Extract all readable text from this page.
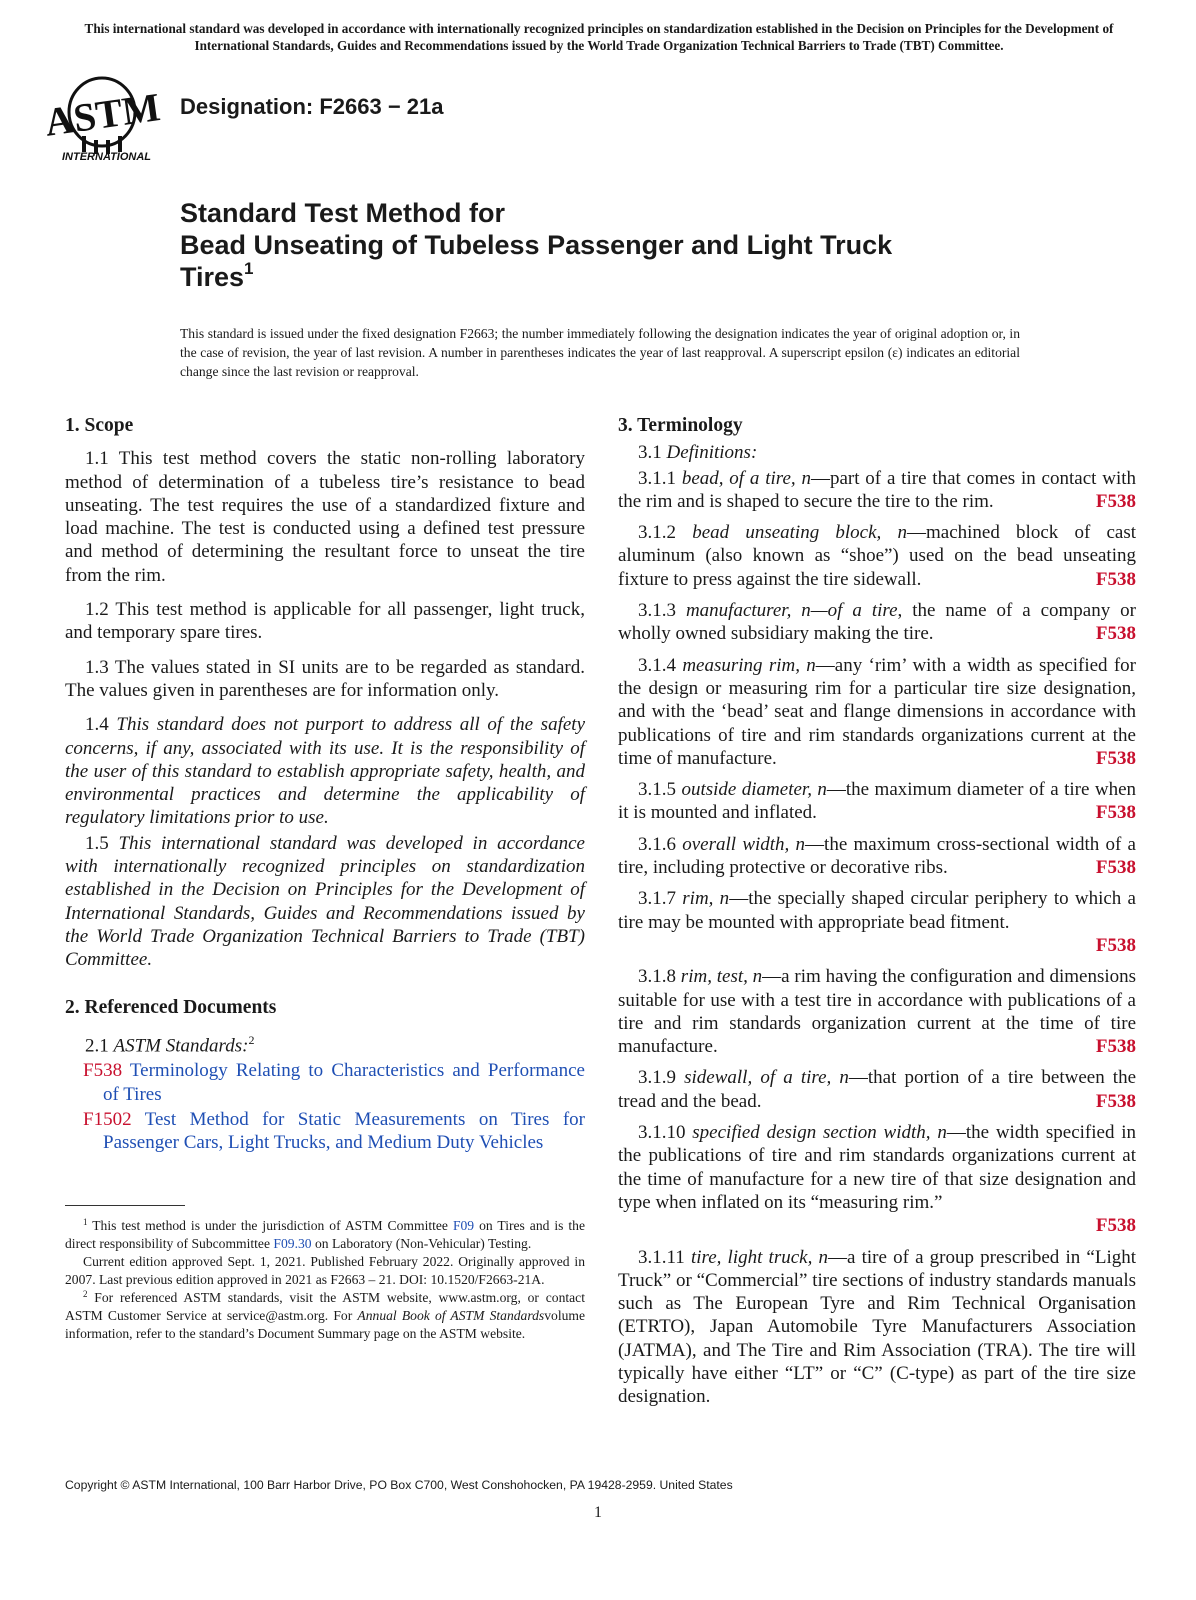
This international standard was developed in accordance with internationally recognized principles on standardization established in the Decision on Principles for the Development of International Standards, Guides and Recommendations issued by the World Trade Organization Technical Barriers to Trade (TBT) Committee.
ASTM
INTERNATIONAL
Designation: F2663 − 21a
Standard Test Method for
Bead Unseating of Tubeless Passenger and Light Truck
Tires$^1$
This standard is issued under the fixed designation F2663; the number immediately following the designation indicates the year of original adoption or, in the case of revision, the year of last revision. A number in parentheses indicates the year of last reapproval. A superscript epsilon (ε) indicates an editorial change since the last revision or reapproval.
1. Scope

1.1 This test method covers the static non-rolling laboratory method of determination of a tubeless tire’s resistance to bead unseating. The test requires the use of a standardized fixture and load machine. The test is conducted using a defined test pressure and method of determining the resultant force to unseat the tire from the rim.

1.2 This test method is applicable for all passenger, light truck, and temporary spare tires.

1.3 The values stated in SI units are to be regarded as standard. The values given in parentheses are for information only.

1.4 This standard does not purport to address all of the safety concerns, if any, associated with its use. It is the responsibility of the user of this standard to establish appropriate safety, health, and environmental practices and determine the applicability of regulatory limitations prior to use.

1.5 This international standard was developed in accordance with internationally recognized principles on standardization established in the Decision on Principles for the Development of International Standards, Guides and Recommendations issued by the World Trade Organization Technical Barriers to Trade (TBT) Committee.

2. Referenced Documents

2.1 ASTM Standards:$^2$

F538 Terminology Relating to Characteristics and Performance of Tires

F1502 Test Method for Static Measurements on Tires for Passenger Cars, Light Trucks, and Medium Duty Vehicles

3. Terminology

3.1 Definitions:

3.1.1 bead, of a tire, n—part of a tire that comes in contact with the rim and is shaped to secure the tire to the rim.	F538

3.1.2 bead unseating block, n—machined block of cast aluminum (also known as “shoe”) used on the bead unseating fixture to press against the tire sidewall.	F538

3.1.3 manufacturer, n—of a tire, the name of a company or wholly owned subsidiary making the tire.	F538

3.1.4 measuring rim, n—any ‘rim’ with a width as specified for the design or measuring rim for a particular tire size designation, and with the ‘bead’ seat and flange dimensions in accordance with publications of tire and rim standards organizations current at the time of manufacture.	F538

3.1.5 outside diameter, n—the maximum diameter of a tire when it is mounted and inflated.	F538

3.1.6 overall width, n—the maximum cross-sectional width of a tire, including protective or decorative ribs.	F538

3.1.7 rim, n—the specially shaped circular periphery to which a tire may be mounted with appropriate bead fitment.
F538

3.1.8 rim, test, n—a rim having the configuration and dimensions suitable for use with a test tire in accordance with publications of a tire and rim standards organization current at the time of tire manufacture.	F538

3.1.9 sidewall, of a tire, n—that portion of a tire between the tread and the bead.	F538

3.1.10 specified design section width, n—the width specified in the publications of tire and rim standards organizations current at the time of manufacture for a new tire of that size designation and type when inflated on its “measuring rim.”
F538

3.1.11 tire, light truck, n—a tire of a group prescribed in “Light Truck” or “Commercial” tire sections of industry standards manuals such as The European Tyre and Rim Technical Organisation (ETRTO), Japan Automobile Tyre Manufacturers Association (JATMA), and The Tire and Rim Association (TRA). The tire will typically have either “LT” or “C” (C-type) as part of the tire size designation.

$^1$ This test method is under the jurisdiction of ASTM Committee F09 on Tires and is the direct responsibility of Subcommittee F09.30 on Laboratory (Non-Vehicular) Testing.

Current edition approved Sept. 1, 2021. Published February 2022. Originally approved in 2007. Last previous edition approved in 2021 as F2663 – 21. DOI: 10.1520/F2663-21A.

$^2$ For referenced ASTM standards, visit the ASTM website, www.astm.org, or contact ASTM Customer Service at service@astm.org. For Annual Book of ASTM Standardsvolume information, refer to the standard’s Document Summary page on the ASTM website.

Copyright © ASTM International, 100 Barr Harbor Drive, PO Box C700, West Conshohocken, PA 19428-2959. United States
1
